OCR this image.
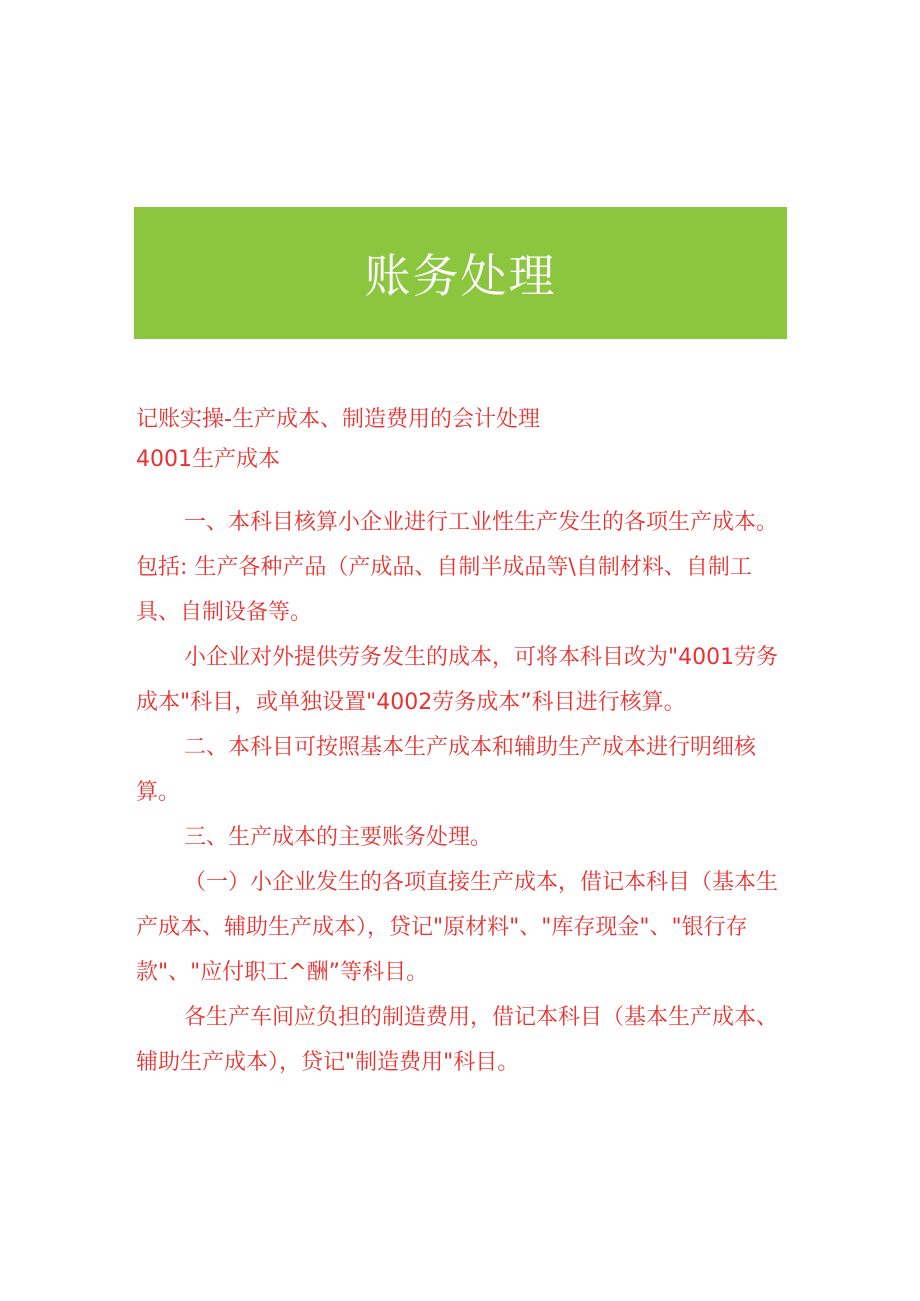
账务处理

记账实操-生产成本、制造费用的会计处理

4001生产成本

一、本科目核算小企业进行工业性生产发生的各项生产成本。包括: 生产各种产品（产成品、自制半成品等\自制材料、自制工具、自制设备等。

小企业对外提供劳务发生的成本，可将本科目改为"4001劳务成本"科目，或单独设置"4002劳务成本”科目进行核算。

二、本科目可按照基本生产成本和辅助生产成本进行明细核算。

三、生产成本的主要账务处理。

（一）小企业发生的各项直接生产成本，借记本科目（基本生产成本、辅助生产成本），贷记"原材料"、"库存现金"、"银行存款"、"应付职工^酬”等科目。

各生产车间应负担的制造费用，借记本科目（基本生产成本、辅助生产成本），贷记"制造费用"科目。
